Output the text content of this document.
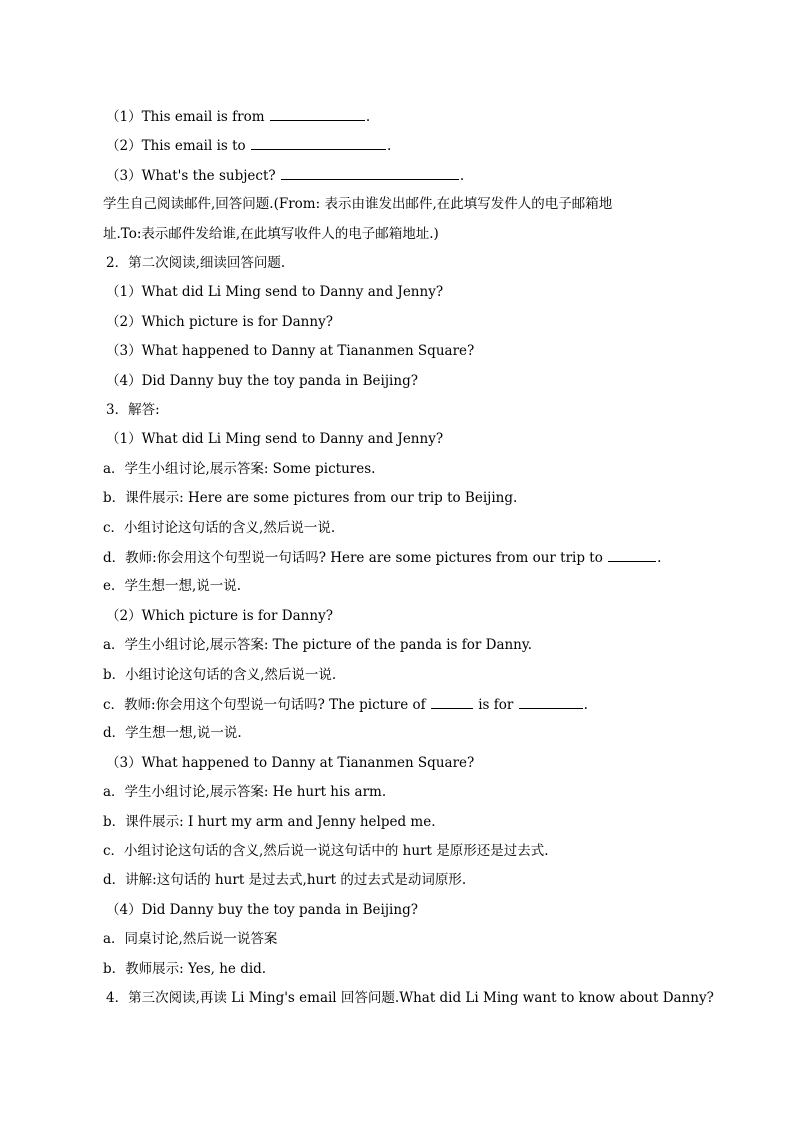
（1）This email is from	.
（2）This email is to	.
（3）What's the subject?	.
学生自己阅读邮件,回答问题.(From: 表示由谁发出邮件,在此填写发件人的电子邮箱地
址.To:表示邮件发给谁,在此填写收件人的电子邮箱地址.)
2．第二次阅读,细读回答问题.
（1）What did Li Ming send to Danny and Jenny?
（2）Which picture is for Danny?
（3）What happened to Danny at Tiananmen Square?
（4）Did Danny buy the toy panda in Beijing?
3．解答:
（1）What did Li Ming send to Danny and Jenny?
a．学生小组讨论,展示答案: Some pictures.
b．课件展示: Here are some pictures from our trip to Beijing.
c．小组讨论这句话的含义,然后说一说.
d．教师:你会用这个句型说一句话吗? Here are some pictures from our trip to	.
e．学生想一想,说一说.
（2）Which picture is for Danny?
a．学生小组讨论,展示答案: The picture of the panda is for Danny.
b．小组讨论这句话的含义,然后说一说.
c．教师:你会用这个句型说一句话吗? The picture of	is for	.
d．学生想一想,说一说.
（3）What happened to Danny at Tiananmen Square?
a．学生小组讨论,展示答案: He hurt his arm.
b．课件展示: I hurt my arm and Jenny helped me.
c．小组讨论这句话的含义,然后说一说这句话中的 hurt 是原形还是过去式.
d．讲解:这句话的 hurt 是过去式,hurt 的过去式是动词原形.
（4）Did Danny buy the toy panda in Beijing?
a．同桌讨论,然后说一说答案
b．教师展示: Yes, he did.
4．第三次阅读,再读 Li Ming's email 回答问题.What did Li Ming want to know about Danny?
